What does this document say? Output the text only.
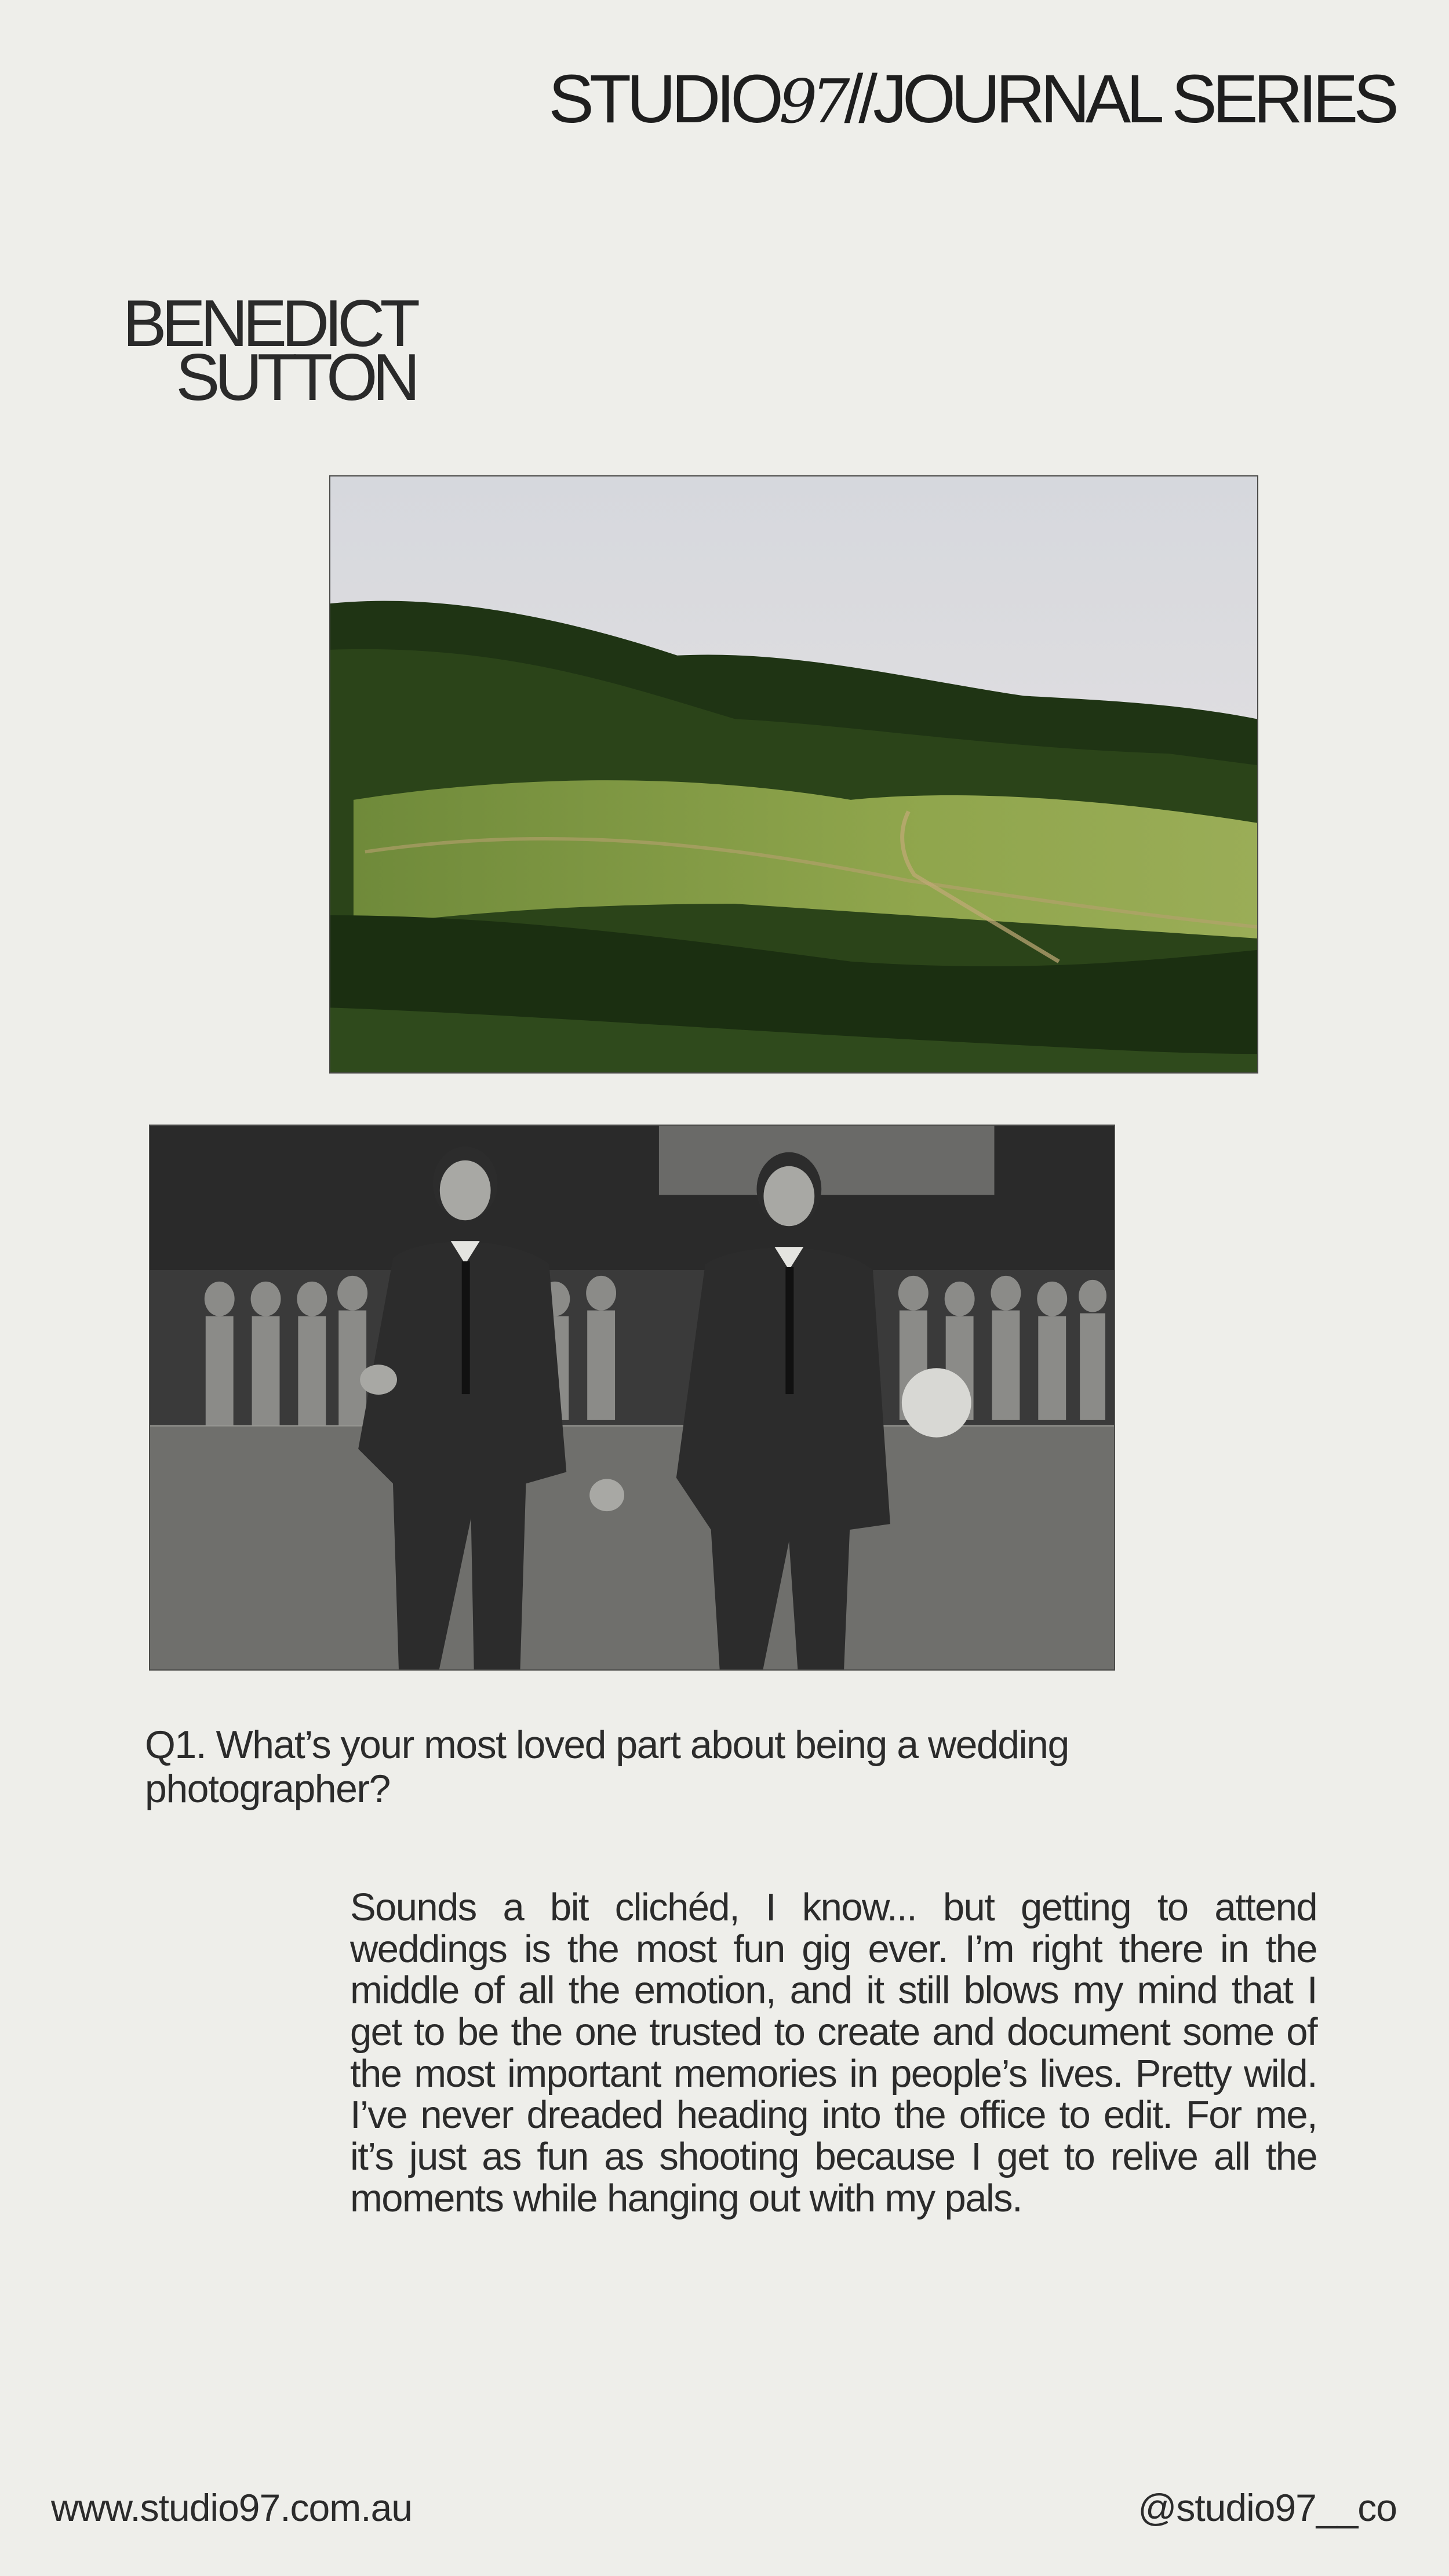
STUDIO97//JOURNAL SERIES
BENEDICT
SUTTON
Q1. What’s your most loved part about being a wedding photographer?
Sounds a bit clichéd, I know... but getting to attend weddings is the most fun gig ever. I’m right there in the middle of all the emotion, and it still blows my mind that I get to be the one trusted to create and document some of the most important memories in people’s lives. Pretty wild. I’ve never dreaded heading into the office to edit. For me, it’s just as fun as shooting because I get to relive all the moments while hanging out with my pals.
www.studio97.com.au	@studio97__co
